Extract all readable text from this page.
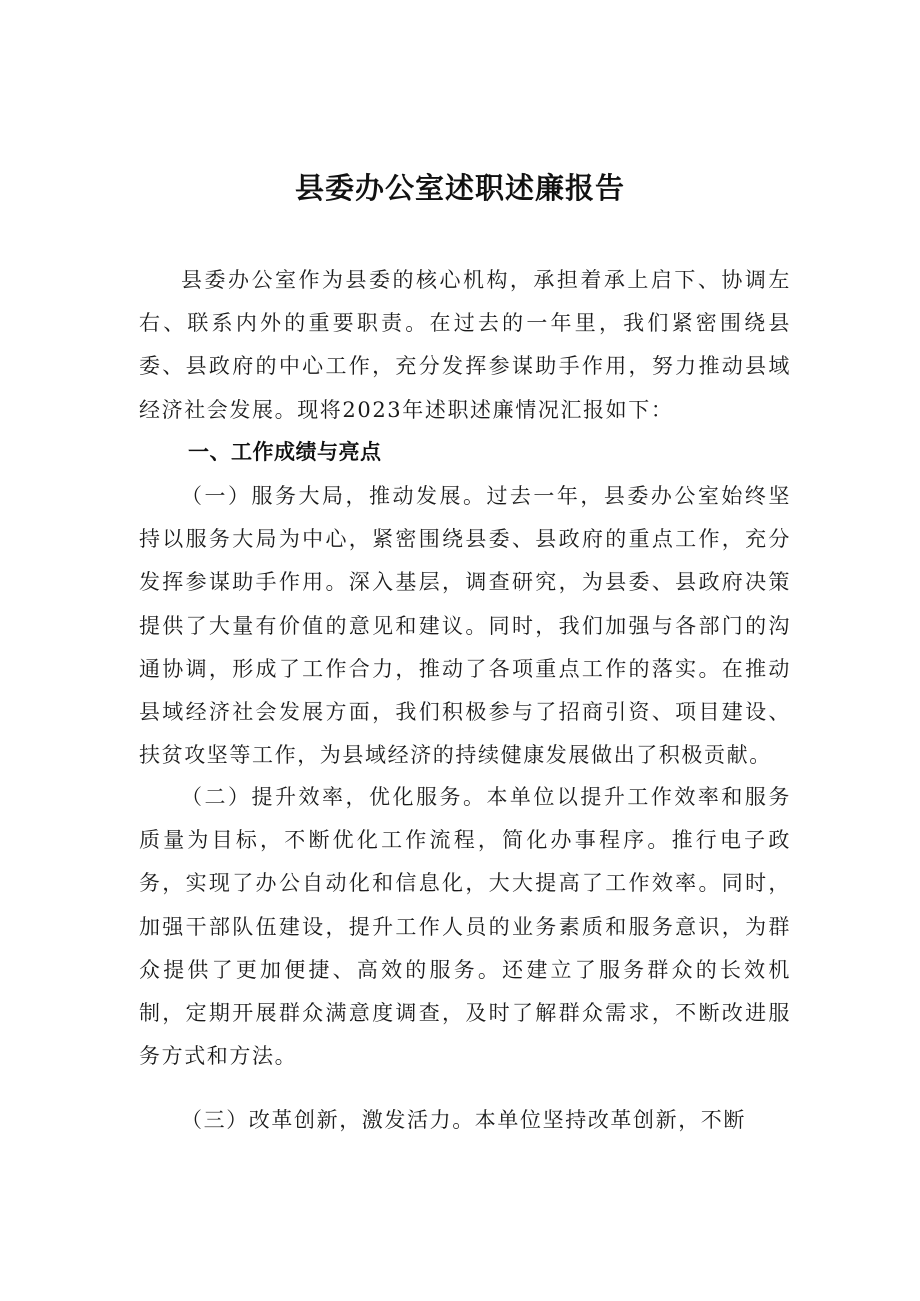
县委办公室述职述廉报告

县委办公室作为县委的核心机构，承担着承上启下、协调左右、联系内外的重要职责。在过去的一年里，我们紧密围绕县委、县政府的中心工作，充分发挥参谋助手作用，努力推动县域经济社会发展。现将2023年述职述廉情况汇报如下：

一、工作成绩与亮点

（一）服务大局，推动发展。过去一年，县委办公室始终坚持以服务大局为中心，紧密围绕县委、县政府的重点工作，充分发挥参谋助手作用。深入基层，调查研究，为县委、县政府决策提供了大量有价值的意见和建议。同时，我们加强与各部门的沟通协调，形成了工作合力，推动了各项重点工作的落实。在推动县域经济社会发展方面，我们积极参与了招商引资、项目建设、扶贫攻坚等工作，为县域经济的持续健康发展做出了积极贡献。

（二）提升效率，优化服务。本单位以提升工作效率和服务质量为目标，不断优化工作流程，简化办事程序。推行电子政务，实现了办公自动化和信息化，大大提高了工作效率。同时，加强干部队伍建设，提升工作人员的业务素质和服务意识，为群众提供了更加便捷、高效的服务。还建立了服务群众的长效机制，定期开展群众满意度调查，及时了解群众需求，不断改进服务方式和方法。

（三）改革创新，激发活力。本单位坚持改革创新，不断
